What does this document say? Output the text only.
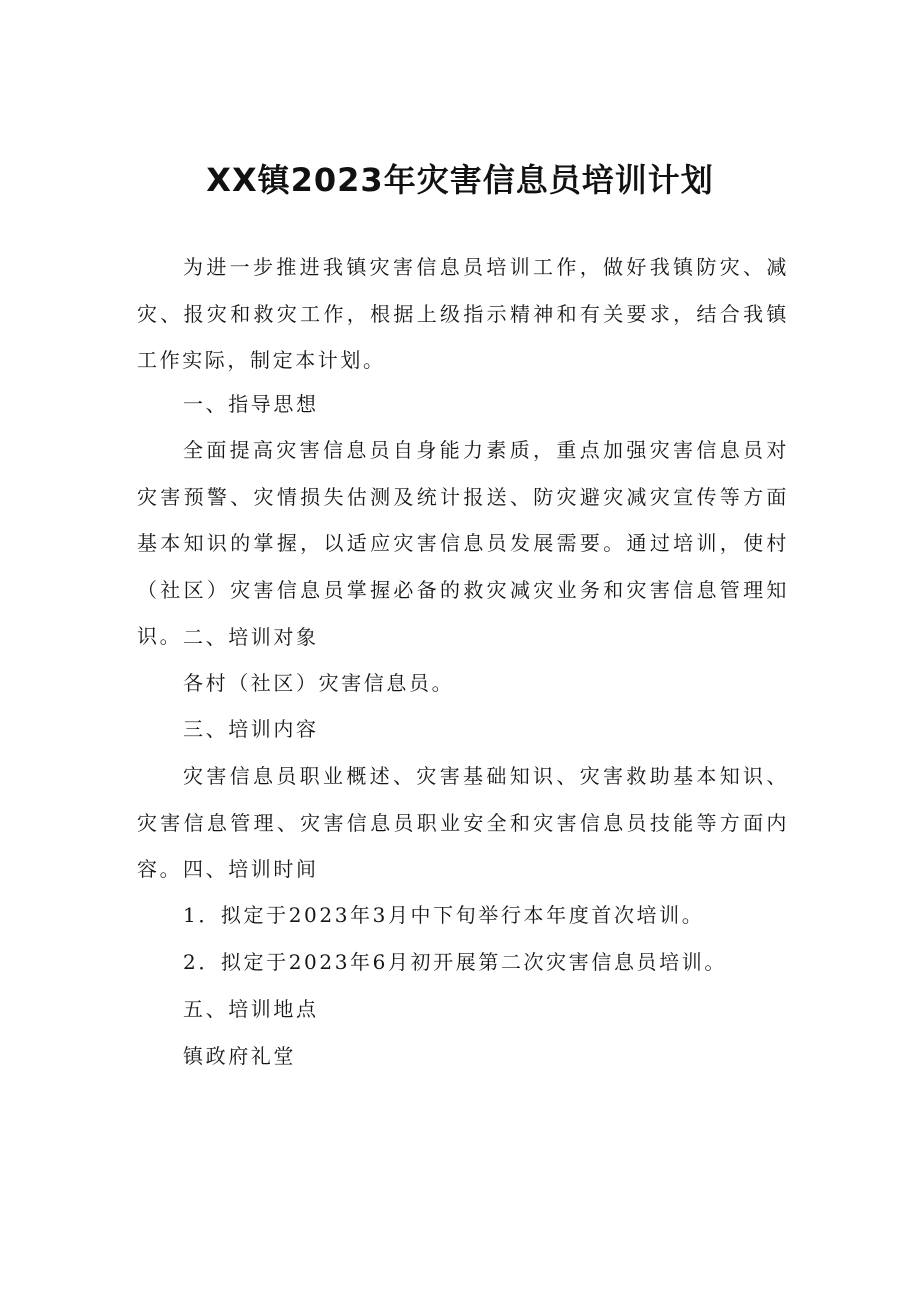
XX镇2023年灾害信息员培训计划

为进一步推进我镇灾害信息员培训工作，做好我镇防灾、减灾、报灾和救灾工作，根据上级指示精神和有关要求，结合我镇工作实际，制定本计划。

一、指导思想

全面提高灾害信息员自身能力素质，重点加强灾害信息员对灾害预警、灾情损失估测及统计报送、防灾避灾减灾宣传等方面基本知识的掌握，以适应灾害信息员发展需要。通过培训，使村（社区）灾害信息员掌握必备的救灾减灾业务和灾害信息管理知识。 二、培训对象

各村（社区）灾害信息员。

三、培训内容

灾害信息员职业概述、灾害基础知识、灾害救助基本知识、灾害信息管理、灾害信息员职业安全和灾害信息员技能等方面内容。 四、培训时间
1．拟定于2023年3月中下旬举行本年度首次培训。
2．拟定于2023年6月初开展第二次灾害信息员培训。
五、培训地点
镇政府礼堂
